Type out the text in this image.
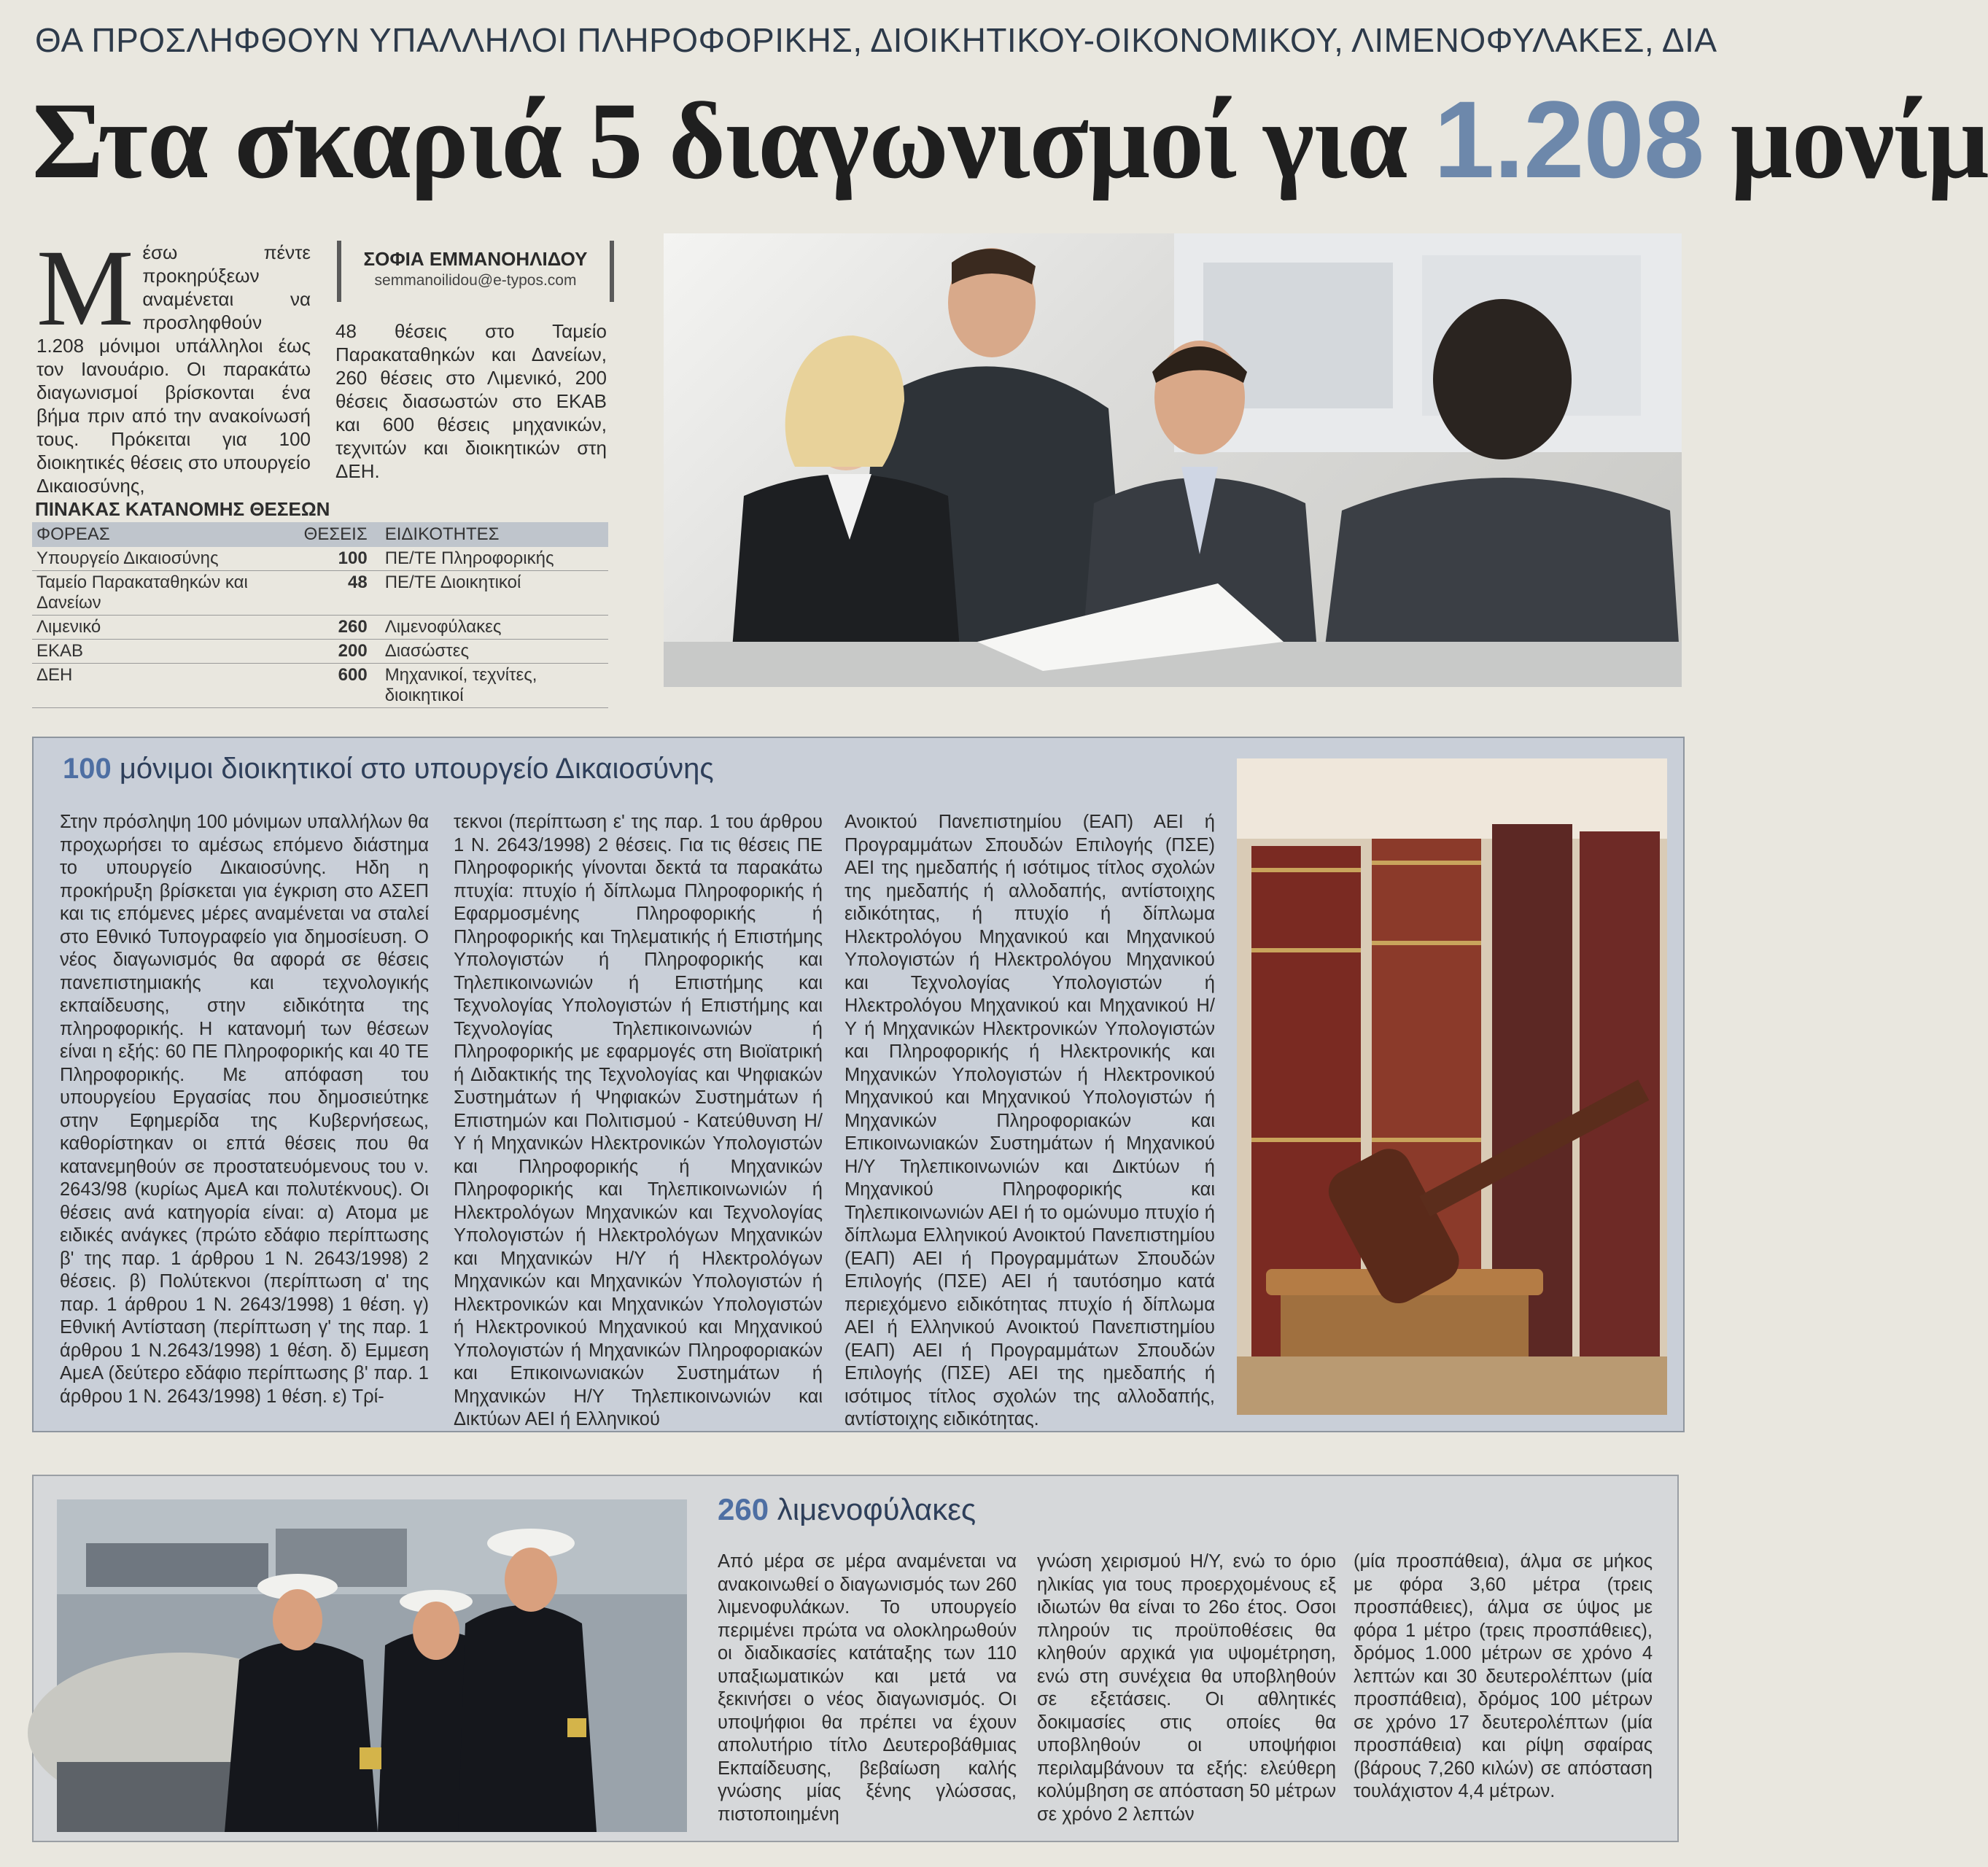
ΘΑ ΠΡΟΣΛΗΦΘΟΥΝ ΥΠΑΛΛΗΛΟΙ ΠΛΗΡΟΦΟΡΙΚΗΣ, ΔΙΟΙΚΗΤΙΚΟΥ-ΟΙΚΟΝΟΜΙΚΟΥ, ΛΙΜΕΝΟΦΥΛΑΚΕΣ, ΔΙΑ
Στα σκαριά 5 διαγωνισμοί για 1.208 μονίμ
Μέσω πέντε προκηρύξεων αναμένεται να προσληφθούν 1.208 μόνιμοι υπάλληλοι έως τον Ιανουάριο. Οι παρακάτω διαγωνισμοί βρίσκονται ένα βήμα πριν από την ανακοίνωσή τους. Πρόκειται για 100 διοικητικές θέσεις στο υπουργείο Δικαιοσύνης,
ΣΟΦΙΑ ΕΜΜΑΝΟΗΛΙΔΟΥ
semmanoilidou@e-typos.com
48 θέσεις στο Ταμείο Παρακαταθηκών και Δανείων, 260 θέσεις στο Λιμενικό, 200 θέσεις διασωστών στο ΕΚΑΒ και 600 θέσεις μηχανικών, τεχνιτών και διοικητικών στη ΔΕΗ.
ΠΙΝΑΚΑΣ ΚΑΤΑΝΟΜΗΣ ΘΕΣΕΩΝ
ΦΟΡΕΑΣ	ΘΕΣΕΙΣ	ΕΙΔΙΚΟΤΗΤΕΣ
Υπουργείο Δικαιοσύνης	100	ΠΕ/ΤΕ Πληροφορικής
Ταμείο Παρακαταθηκών και Δανείων	48	ΠΕ/ΤΕ Διοικητικοί
Λιμενικό	260	Λιμενοφύλακες
ΕΚΑΒ	200	Διασώστες
ΔΕΗ	600	Μηχανικοί, τεχνίτες, διοικητικοί
100 μόνιμοι διοικητικοί στο υπουργείο Δικαιοσύνης
Στην πρόσληψη 100 μόνιμων υπαλλήλων θα προχωρήσει το αμέσως επόμενο διάστημα το υπουργείο Δικαιοσύνης. Ηδη η προκήρυξη βρίσκεται για έγκριση στο ΑΣΕΠ και τις επόμενες μέρες αναμένεται να σταλεί στο Εθνικό Τυπογραφείο για δημοσίευση. Ο νέος διαγωνισμός θα αφορά σε θέσεις πανεπιστημιακής και τεχνολογικής εκπαίδευσης, στην ειδικότητα της πληροφορικής. Η κατανομή των θέσεων είναι η εξής: 60 ΠΕ Πληροφορικής και 40 ΤΕ Πληροφορικής. Με απόφαση του υπουργείου Εργασίας που δημοσιεύτηκε στην Εφημερίδα της Κυβερνήσεως, καθορίστηκαν οι επτά θέσεις που θα κατανεμηθούν σε προστατευόμενους του ν. 2643/98 (κυρίως ΑμεΑ και πολυτέκνους). Οι θέσεις ανά κατηγορία είναι: α) Ατομα με ειδικές ανάγκες (πρώτο εδάφιο περίπτωσης β' της παρ. 1 άρθρου 1 Ν. 2643/1998) 2 θέσεις. β) Πολύτεκνοι (περίπτωση α' της παρ. 1 άρθρου 1 Ν. 2643/1998) 1 θέση. γ) Εθνική Αντίσταση (περίπτωση γ' της παρ. 1 άρθρου 1 Ν.2643/1998) 1 θέση. δ) Εμμεση ΑμεΑ (δεύτερο εδάφιο περίπτωσης β' παρ. 1 άρθρου 1 Ν. 2643/1998) 1 θέση. ε) Τρί-
τεκνοι (περίπτωση ε' της παρ. 1 του άρθρου 1 Ν. 2643/1998) 2 θέσεις. Για τις θέσεις ΠΕ Πληροφορικής γίνονται δεκτά τα παρακάτω πτυχία: πτυχίο ή δίπλωμα Πληροφορικής ή Εφαρμοσμένης Πληροφορικής ή Πληροφορικής και Τηλεματικής ή Επιστήμης Υπολογιστών ή Πληροφορικής και Τηλεπικοινωνιών ή Επιστήμης και Τεχνολογίας Υπολογιστών ή Επιστήμης και Τεχνολογίας Τηλεπικοινωνιών ή Πληροφορικής με εφαρμογές στη Βιοϊατρική ή Διδακτικής της Τεχνολογίας και Ψηφιακών Συστημάτων ή Ψηφιακών Συστημάτων ή Επιστημών και Πολιτισμού - Κατεύθυνση Η/Υ ή Μηχανικών Ηλεκτρονικών Υπολογιστών και Πληροφορικής ή Μηχανικών Πληροφορικής και Τηλεπικοινωνιών ή Ηλεκτρολόγων Μηχανικών και Τεχνολογίας Υπολογιστών ή Ηλεκτρολόγων Μηχανικών και Μηχανικών Η/Υ ή Ηλεκτρολόγων Μηχανικών και Μηχανικών Υπολογιστών ή Ηλεκτρονικών και Μηχανικών Υπολογιστών ή Ηλεκτρονικού Μηχανικού και Μηχανικού Υπολογιστών ή Μηχανικών Πληροφοριακών και Επικοινωνιακών Συστημάτων ή Μηχανικών Η/Υ Τηλεπικοινωνιών και Δικτύων ΑΕΙ ή Ελληνικού
Ανοικτού Πανεπιστημίου (ΕΑΠ) ΑΕΙ ή Προγραμμάτων Σπουδών Επιλογής (ΠΣΕ) ΑΕΙ της ημεδαπής ή ισότιμος τίτλος σχολών της ημεδαπής ή αλλοδαπής, αντίστοιχης ειδικότητας, ή πτυχίο ή δίπλωμα Ηλεκτρολόγου Μηχανικού και Μηχανικού Υπολογιστών ή Ηλεκτρολόγου Μηχανικού και Τεχνολογίας Υπολογιστών ή Ηλεκτρολόγου Μηχανικού και Μηχανικού Η/Υ ή Μηχανικών Ηλεκτρονικών Υπολογιστών και Πληροφορικής ή Ηλεκτρονικής και Μηχανικών Υπολογιστών ή Ηλεκτρονικού Μηχανικού και Μηχανικού Υπολογιστών ή Μηχανικών Πληροφοριακών και Επικοινωνιακών Συστημάτων ή Μηχανικού Η/Υ Τηλεπικοινωνιών και Δικτύων ή Μηχανικού Πληροφορικής και Τηλεπικοινωνιών ΑΕΙ ή το ομώνυμο πτυχίο ή δίπλωμα Ελληνικού Ανοικτού Πανεπιστημίου (ΕΑΠ) ΑΕΙ ή Προγραμμάτων Σπουδών Επιλογής (ΠΣΕ) ΑΕΙ ή ταυτόσημο κατά περιεχόμενο ειδικότητας πτυχίο ή δίπλωμα ΑΕΙ ή Ελληνικού Ανοικτού Πανεπιστημίου (ΕΑΠ) ΑΕΙ ή Προγραμμάτων Σπουδών Επιλογής (ΠΣΕ) ΑΕΙ της ημεδαπής ή ισότιμος τίτλος σχολών της αλλοδαπής, αντίστοιχης ειδικότητας.
260 λιμενοφύλακες
Από μέρα σε μέρα αναμένεται να ανακοινωθεί ο διαγωνισμός των 260 λιμενοφυλάκων. Το υπουργείο περιμένει πρώτα να ολοκληρωθούν οι διαδικασίες κατάταξης των 110 υπαξιωματικών και μετά να ξεκινήσει ο νέος διαγωνισμός. Οι υποψήφιοι θα πρέπει να έχουν απολυτήριο τίτλο Δευτεροβάθμιας Εκπαίδευσης, βεβαίωση καλής γνώσης μίας ξένης γλώσσας, πιστοποιημένη
γνώση χειρισμού Η/Υ, ενώ το όριο ηλικίας για τους προερχομένους εξ ιδιωτών θα είναι το 26ο έτος. Οσοι πληρούν τις προϋποθέσεις θα κληθούν αρχικά για υψομέτρηση, ενώ στη συνέχεια θα υποβληθούν σε εξετάσεις. Οι αθλητικές δοκιμασίες στις οποίες θα υποβληθούν οι υποψήφιοι περιλαμβάνουν τα εξής: ελεύθερη κολύμβηση σε απόσταση 50 μέτρων σε χρόνο 2 λεπτών
(μία προσπάθεια), άλμα σε μήκος με φόρα 3,60 μέτρα (τρεις προσπάθειες), άλμα σε ύψος με φόρα 1 μέτρο (τρεις προσπάθειες), δρόμος 1.000 μέτρων σε χρόνο 4 λεπτών και 30 δευτερολέπτων (μία προσπάθεια), δρόμος 100 μέτρων σε χρόνο 17 δευτερολέπτων (μία προσπάθεια) και ρίψη σφαίρας (βάρους 7,260 κιλών) σε απόσταση τουλάχιστον 4,4 μέτρων.
